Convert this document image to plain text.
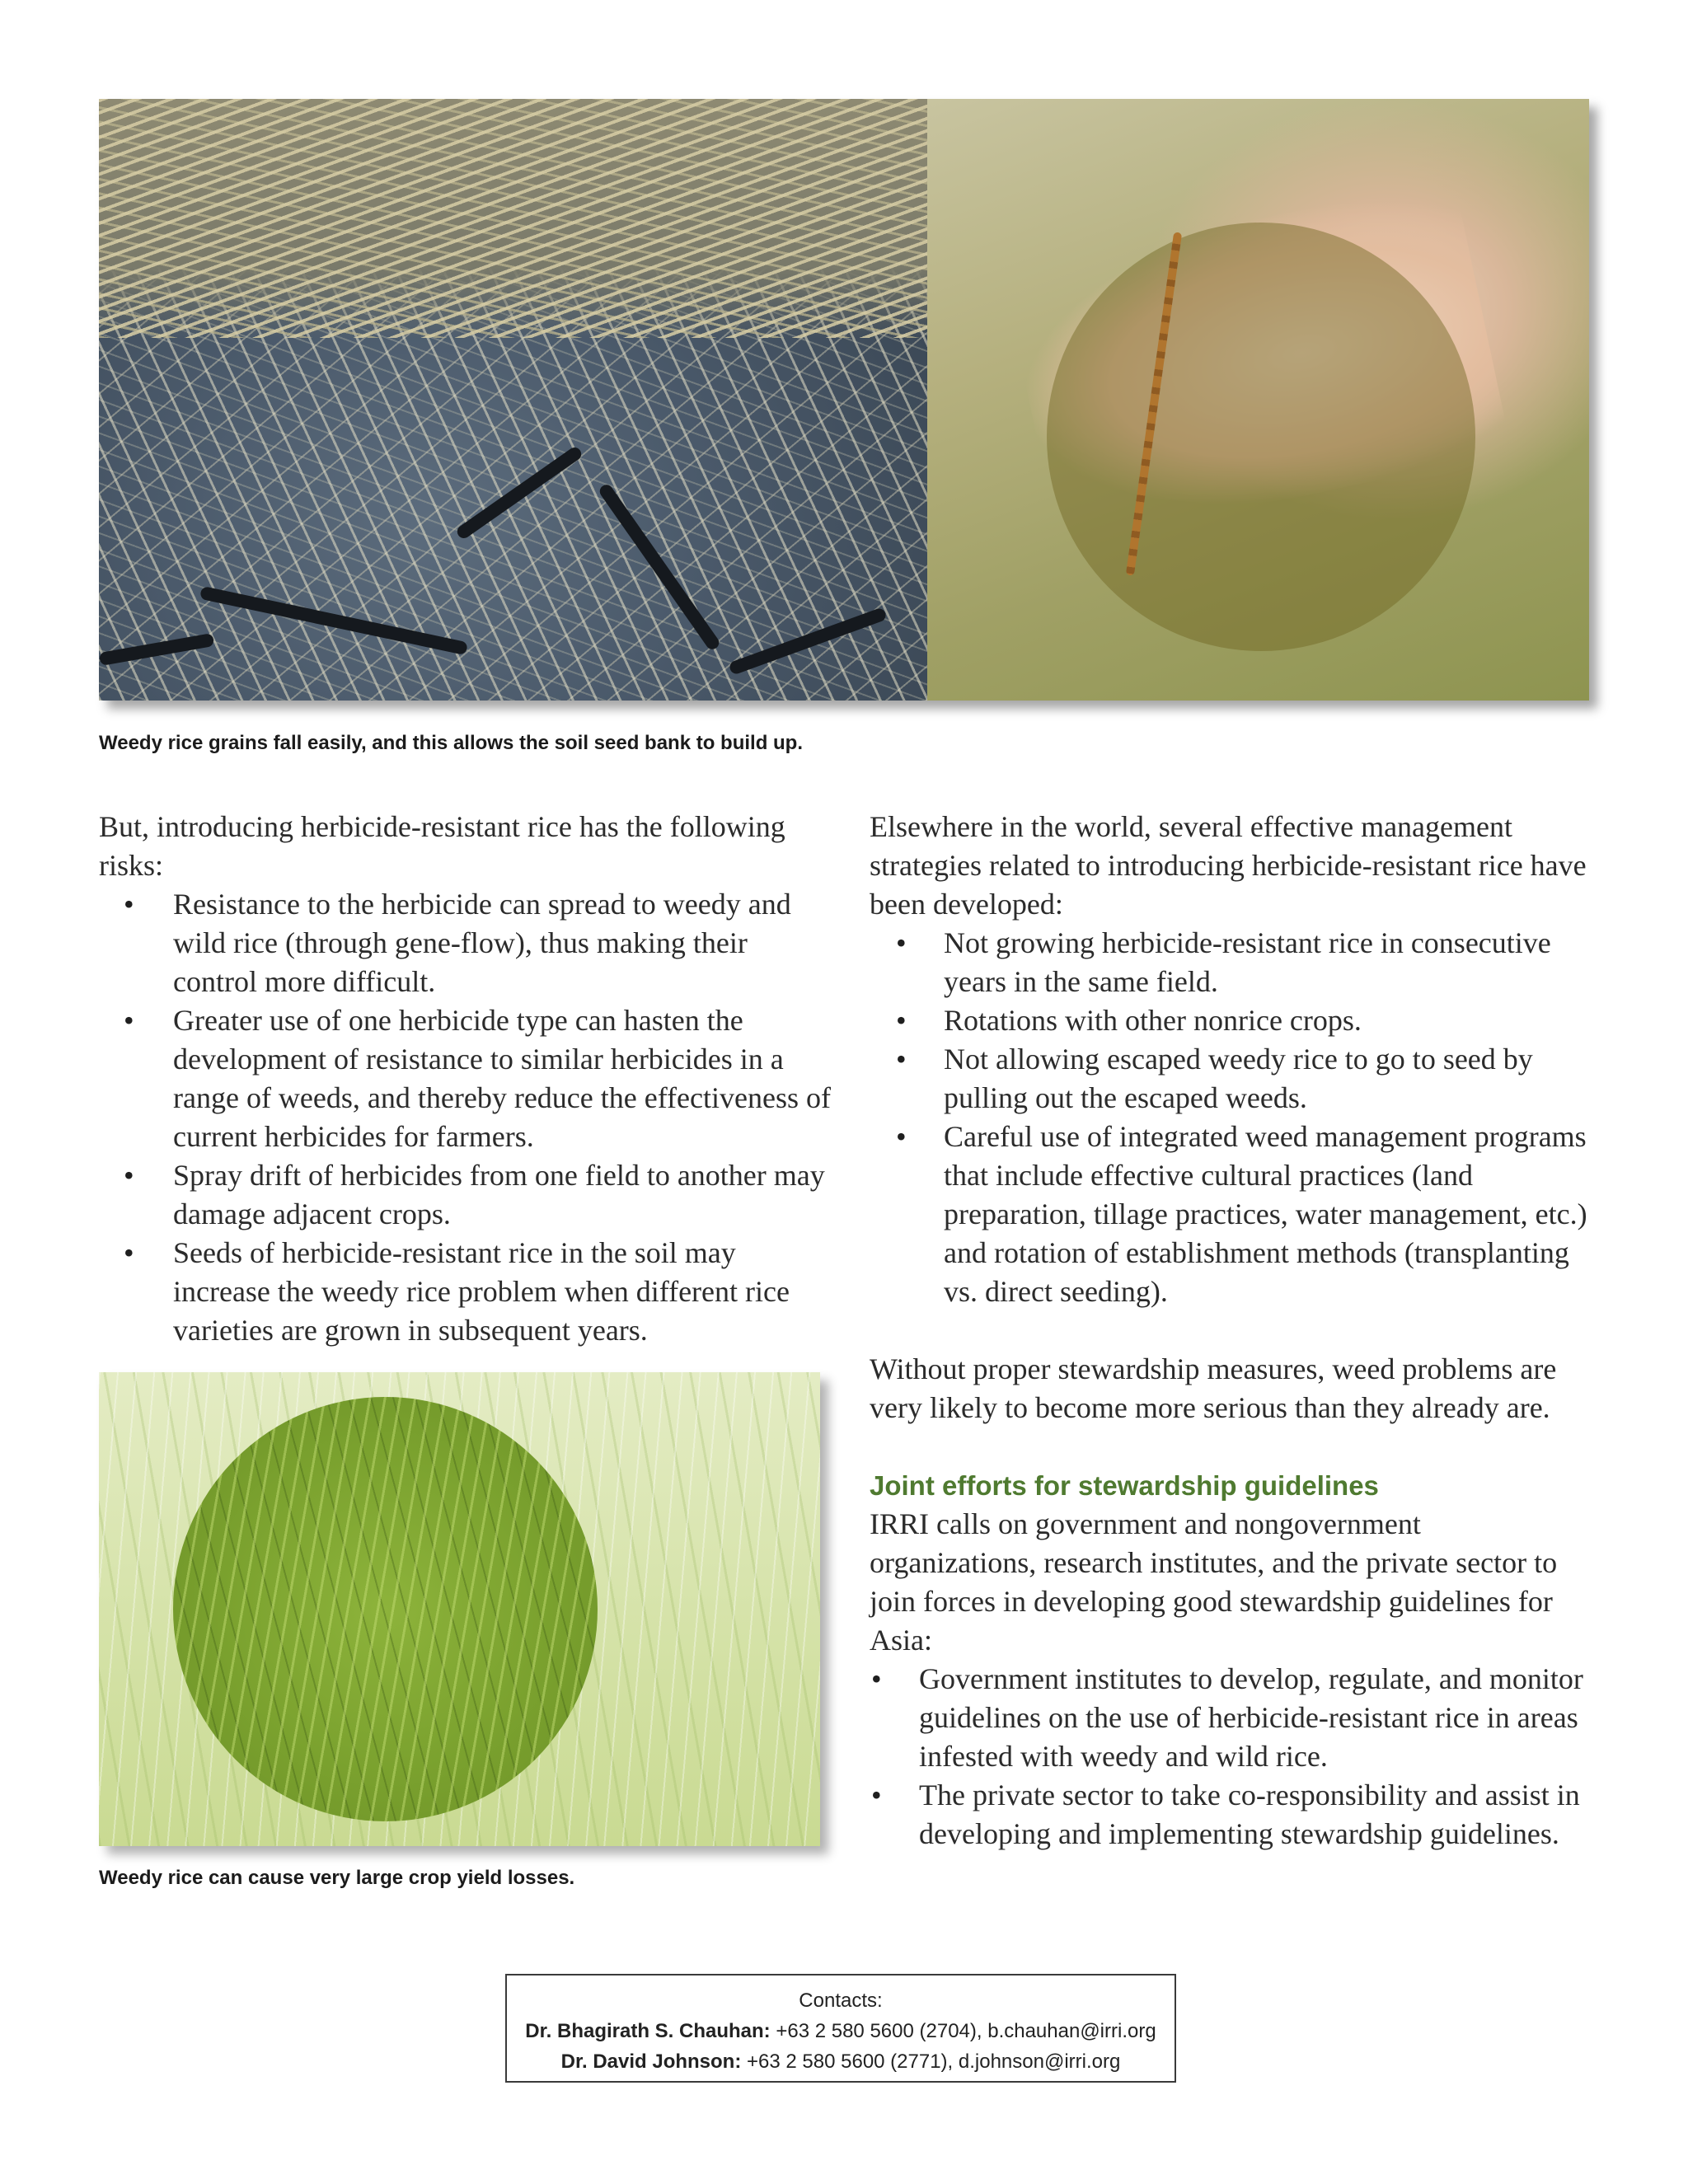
Weedy rice grains fall easily, and this allows the soil seed bank to build up.

But, introducing herbicide-resistant rice has the following risks:

• Resistance to the herbicide can spread to weedy and wild rice (through gene-flow), thus making their control more difficult.
• Greater use of one herbicide type can hasten the development of resistance to similar herbicides in a range of weeds, and thereby reduce the effectiveness of current herbicides for farmers.
• Spray drift of herbicides from one field to another may damage adjacent crops.
• Seeds of herbicide-resistant rice in the soil may increase the weedy rice problem when different rice varieties are grown in subsequent years.

Weedy rice can cause very large crop yield losses.

Elsewhere in the world, several effective management strategies related to introducing herbicide-resistant rice have been developed:

• Not growing herbicide-resistant rice in consecutive years in the same field.
• Rotations with other nonrice crops.
• Not allowing escaped weedy rice to go to seed by pulling out the escaped weeds.
• Careful use of integrated weed management programs that include effective cultural practices (land preparation, tillage practices, water management, etc.) and rotation of establishment methods (transplanting vs. direct seeding).

Without proper stewardship measures, weed problems are very likely to become more serious than they already are.

Joint efforts for stewardship guidelines

IRRI calls on government and nongovernment organizations, research institutes, and the private sector to join forces in developing good stewardship guidelines for Asia:

• Government institutes to develop, regulate, and monitor guidelines on the use of herbicide-resistant rice in areas infested with weedy and wild rice.
• The private sector to take co-responsibility and assist in developing and implementing stewardship guidelines.
Contacts:
Dr. Bhagirath S. Chauhan: +63 2 580 5600 (2704), b.chauhan@irri.org
Dr. David Johnson: +63 2 580 5600 (2771), d.johnson@irri.org
